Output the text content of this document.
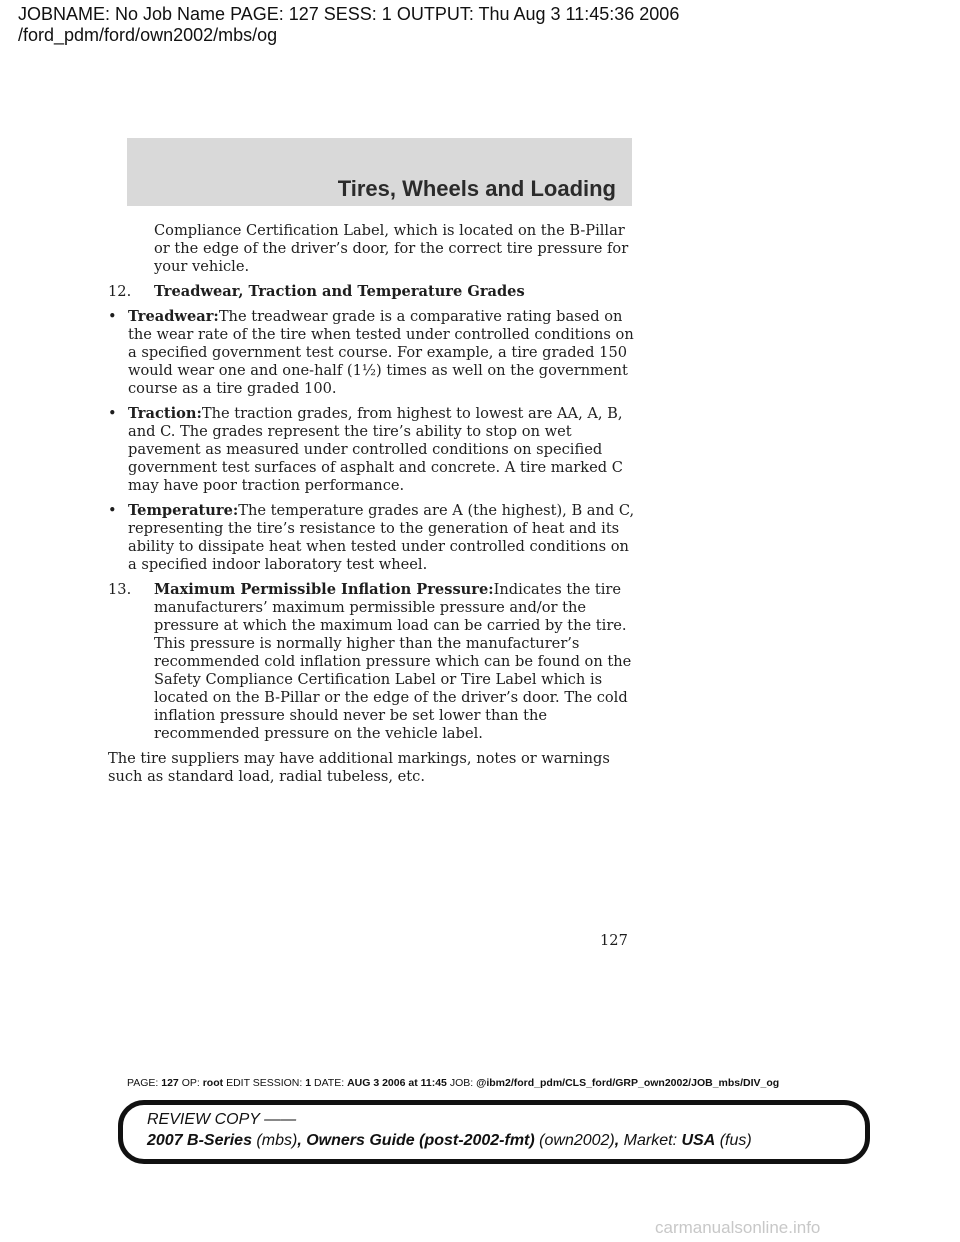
JOBNAME: No Job Name PAGE: 127 SESS: 1 OUTPUT: Thu Aug 3 11:45:36 2006
/ford_pdm/ford/own2002/mbs/og
Tires, Wheels and Loading

Compliance Certification Label, which is located on the B-Pillar or the edge of the driver’s door, for the correct tire pressure for your vehicle.

12. Treadwear, Traction and Temperature Grades

• Treadwear:The treadwear grade is a comparative rating based on the wear rate of the tire when tested under controlled conditions on a specified government test course. For example, a tire graded 150 would wear one and one-half (1½) times as well on the government course as a tire graded 100.

• Traction:The traction grades, from highest to lowest are AA, A, B, and C. The grades represent the tire’s ability to stop on wet pavement as measured under controlled conditions on specified government test surfaces of asphalt and concrete. A tire marked C may have poor traction performance.

• Temperature:The temperature grades are A (the highest), B and C, representing the tire’s resistance to the generation of heat and its ability to dissipate heat when tested under controlled conditions on a specified indoor laboratory test wheel.

13. Maximum Permissible Inflation Pressure:Indicates the tire manufacturers’ maximum permissible pressure and/or the pressure at which the maximum load can be carried by the tire. This pressure is normally higher than the manufacturer’s recommended cold inflation pressure which can be found on the Safety Compliance Certification Label or Tire Label which is located on the B-Pillar or the edge of the driver’s door. The cold inflation pressure should never be set lower than the recommended pressure on the vehicle label.

The tire suppliers may have additional markings, notes or warnings such as standard load, radial tubeless, etc.

127
PAGE: 127 OP: root EDIT SESSION: 1 DATE: AUG 3 2006 at 11:45 JOB: @ibm2/ford_pdm/CLS_ford/GRP_own2002/JOB_mbs/DIV_og
REVIEW COPY ——
2007 B-Series (mbs), Owners Guide (post-2002-fmt) (own2002), Market: USA (fus)
carmanualsonline.info
